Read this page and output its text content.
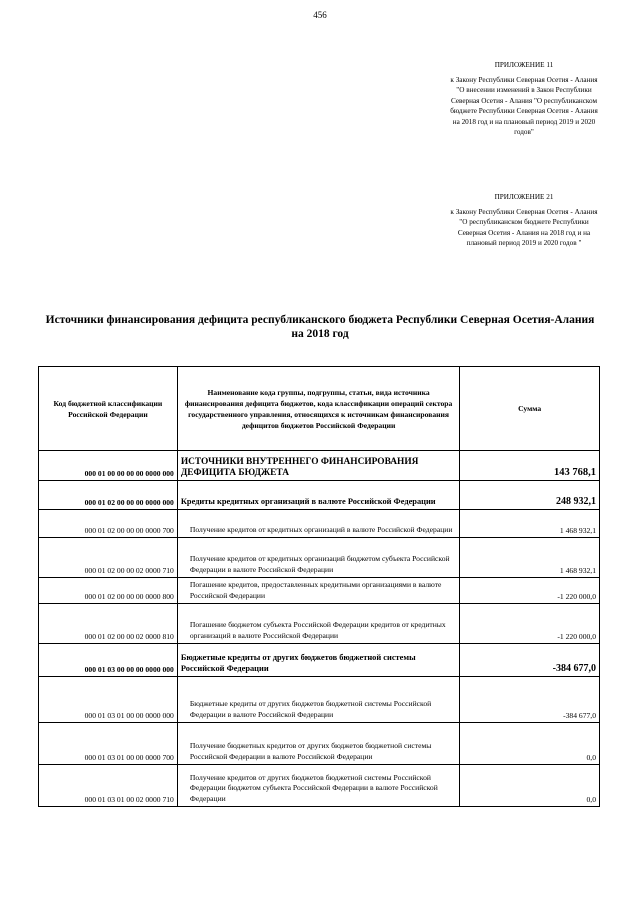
456
ПРИЛОЖЕНИЕ 11
к Закону Республики Северная Осетия - Алания "О внесении изменений в Закон Республики Северная Осетия - Алания "О республиканском бюджете Республики Северная Осетия - Алания на 2018 год и на плановый период 2019 и 2020 годов"
ПРИЛОЖЕНИЕ 21
к Закону Республики Северная Осетия - Алания "О республиканском бюджете Республики Северная Осетия - Алания на 2018 год и на плановый период 2019 и 2020 годов "
Источники финансирования дефицита республиканского бюджета Республики Северная Осетия-Алания на 2018 год
Код бюджетной классификации Российской Федерации	Наименование кода группы, подгруппы, статьи, вида источника финансирования дефицита бюджетов, кода классификации операций сектора государственного управления, относящихся к источникам финансирования дефицитов бюджетов Российской Федерации	Сумма
000 01 00 00 00 00 0000 000	ИСТОЧНИКИ ВНУТРЕННЕГО ФИНАНСИРОВАНИЯ ДЕФИЦИТА БЮДЖЕТА	143 768,1
000 01 02 00 00 00 0000 000	Кредиты кредитных организаций в валюте Российской Федерации	248 932,1
000 01 02 00 00 00 0000 700	Получение кредитов от кредитных организаций в валюте Российской Федерации	1 468 932,1
000 01 02 00 00 02 0000 710	Получение кредитов от кредитных организаций бюджетом субъекта Российской Федерации в валюте Российской Федерации	1 468 932,1
000 01 02 00 00 00 0000 800	Погашение кредитов, предоставленных кредитными организациями в валюте Российской Федерации	-1 220 000,0
000 01 02 00 00 02 0000 810	Погашение бюджетом субъекта Российской Федерации кредитов от кредитных организаций в валюте Российской Федерации	-1 220 000,0
000 01 03 00 00 00 0000 000	Бюджетные кредиты от других бюджетов бюджетной системы Российской Федерации	-384 677,0
000 01 03 01 00 00 0000 000	Бюджетные кредиты от других бюджетов бюджетной системы Российской Федерации в валюте Российской Федерации	-384 677,0
000 01 03 01 00 00 0000 700	Получение бюджетных кредитов от других бюджетов бюджетной системы Российской Федерации в валюте Российской Федерации	0,0
000 01 03 01 00 02 0000 710	Получение кредитов от других бюджетов бюджетной системы Российской Федерации бюджетом субъекта Российской Федерации в валюте Российской Федерации	0,0
